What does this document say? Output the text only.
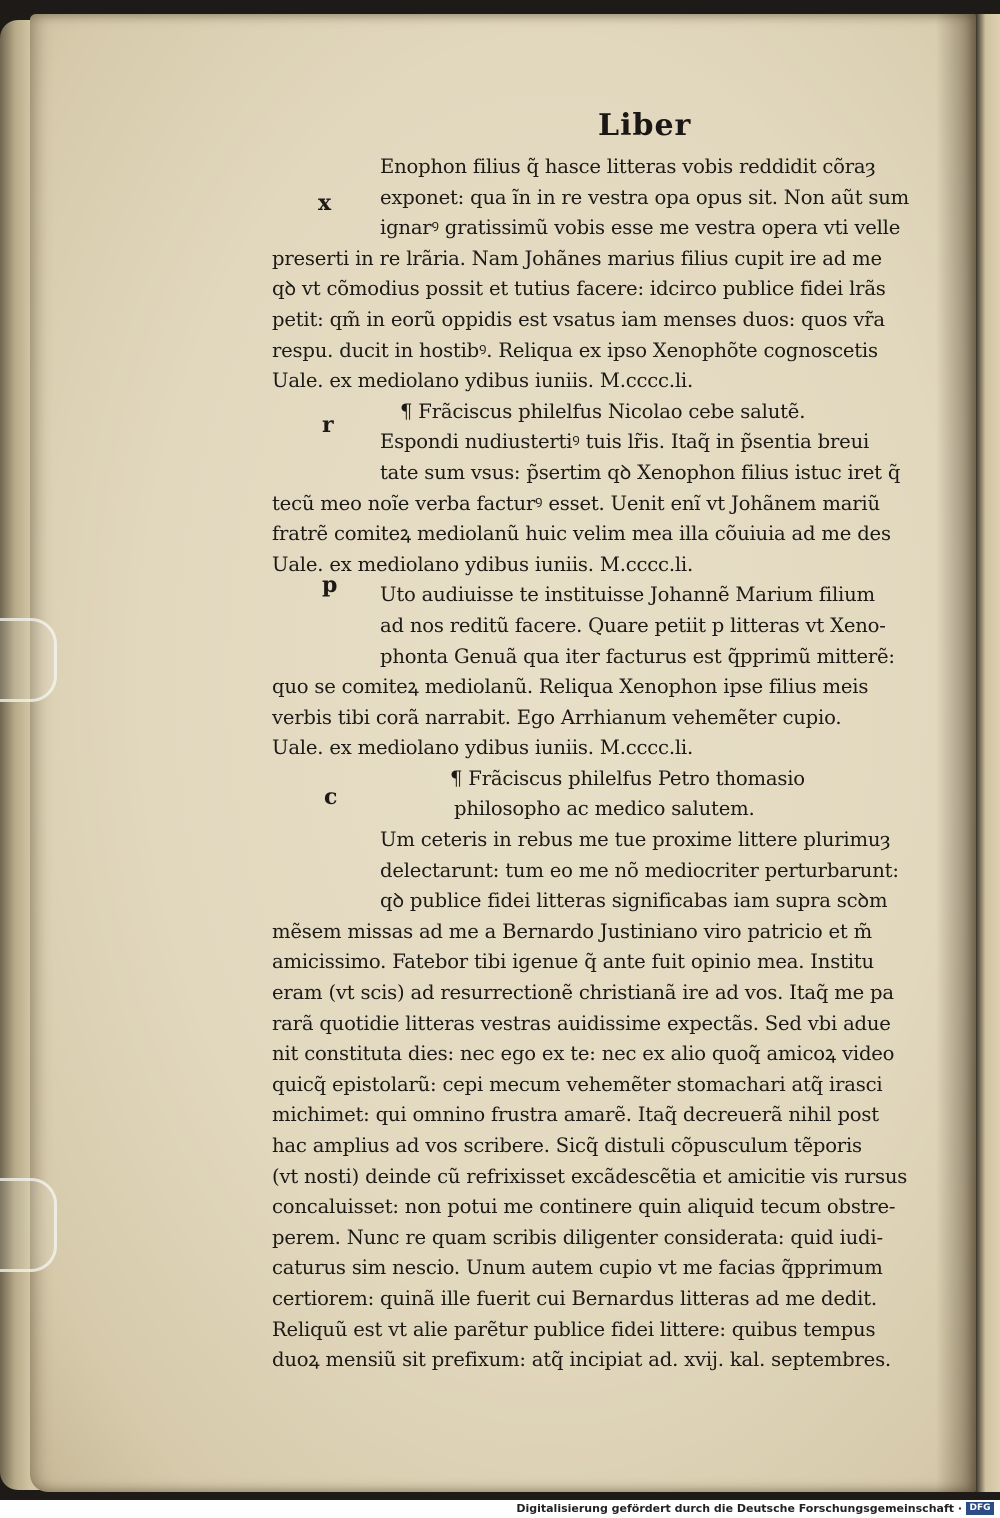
Liber
x
r
p
c
Enophon filius q̃ hasce litteras vobis reddidit cõraȝ
exponet: qua ĩn in re vestra opa opus sit. Non aũt sum
ignarꝰ gratissimũ vobis esse me vestra opera vti velle
preserti in re lrãria. Nam Johãnes marius filius cupit ire ad me
qꝺ vt cõmodius possit et tutius facere: idcirco publice fidei lrãs
petit: qm̃ in eorũ oppidis est vsatus iam menses duos: quos vr̃a
respu. ducit in hostibꝰ. Reliqua ex ipso Xenophõte cognoscetis
Uale. ex mediolano ydibus iuniis. M.cccc.li.
¶ Frãciscus philelfus Nicolao cebe salutẽ.
Espondi nudiustertiꝰ tuis lr̃is. Itaq̃ in p̃sentia breui
tate sum vsus: p̃sertim qꝺ Xenophon filius istuc iret q̃
tecũ meo noĩe verba facturꝰ esset. Uenit enĩ vt Johãnem mariũ
fratrẽ comiteꝝ mediolanũ huic velim mea illa cõuiuia ad me des
Uale. ex mediolano ydibus iuniis. M.cccc.li.
Uto audiuisse te instituisse Johannẽ Marium filium
ad nos reditũ facere. Quare petiit p litteras vt Xeno-
phonta Genuã qua iter facturus est q̃pprimũ mitterẽ:
quo se comiteꝝ mediolanũ. Reliqua Xenophon ipse filius meis
verbis tibi corã narrabit. Ego Arrhianum vehemẽter cupio.
Uale. ex mediolano ydibus iuniis. M.cccc.li.
¶ Frãciscus philelfus Petro thomasio
philosopho ac medico salutem.
Um ceteris in rebus me tue proxime littere plurimuȝ
delectarunt: tum eo me nõ mediocriter perturbarunt:
qꝺ publice fidei litteras significabas iam supra scꝺm
mẽsem missas ad me a Bernardo Justiniano viro patricio et m̃
amicissimo. Fatebor tibi igenue q̃ ante fuit opinio mea. Institu
eram (vt scis) ad resurrectionẽ christianã ire ad vos. Itaq̃ me pa
rarã quotidie litteras vestras auidissime expectãs. Sed vbi adue
nit constituta dies: nec ego ex te: nec ex alio quoq̃ amicoꝝ video
quicq̃ epistolarũ: cepi mecum vehemẽter stomachari atq̃ irasci
michimet: qui omnino frustra amarẽ. Itaq̃ decreuerã nihil post
hac amplius ad vos scribere. Sicq̃ distuli cõpusculum tẽporis
(vt nosti) deinde cũ refrixisset excãdescẽtia et amicitie vis rursus
concaluisset: non potui me continere quin aliquid tecum obstre-
perem. Nunc re quam scribis diligenter considerata: quid iudi-
caturus sim nescio. Unum autem cupio vt me facias q̃pprimum
certiorem: quinã ille fuerit cui Bernardus litteras ad me dedit.
Reliquũ est vt alie parẽtur publice fidei littere: quibus tempus
duoꝝ mensiũ sit prefixum: atq̃ incipiat ad. xvij. kal. septembres.
Digitalisierung gefördert durch die Deutsche Forschungsgemeinschaft · DFG
